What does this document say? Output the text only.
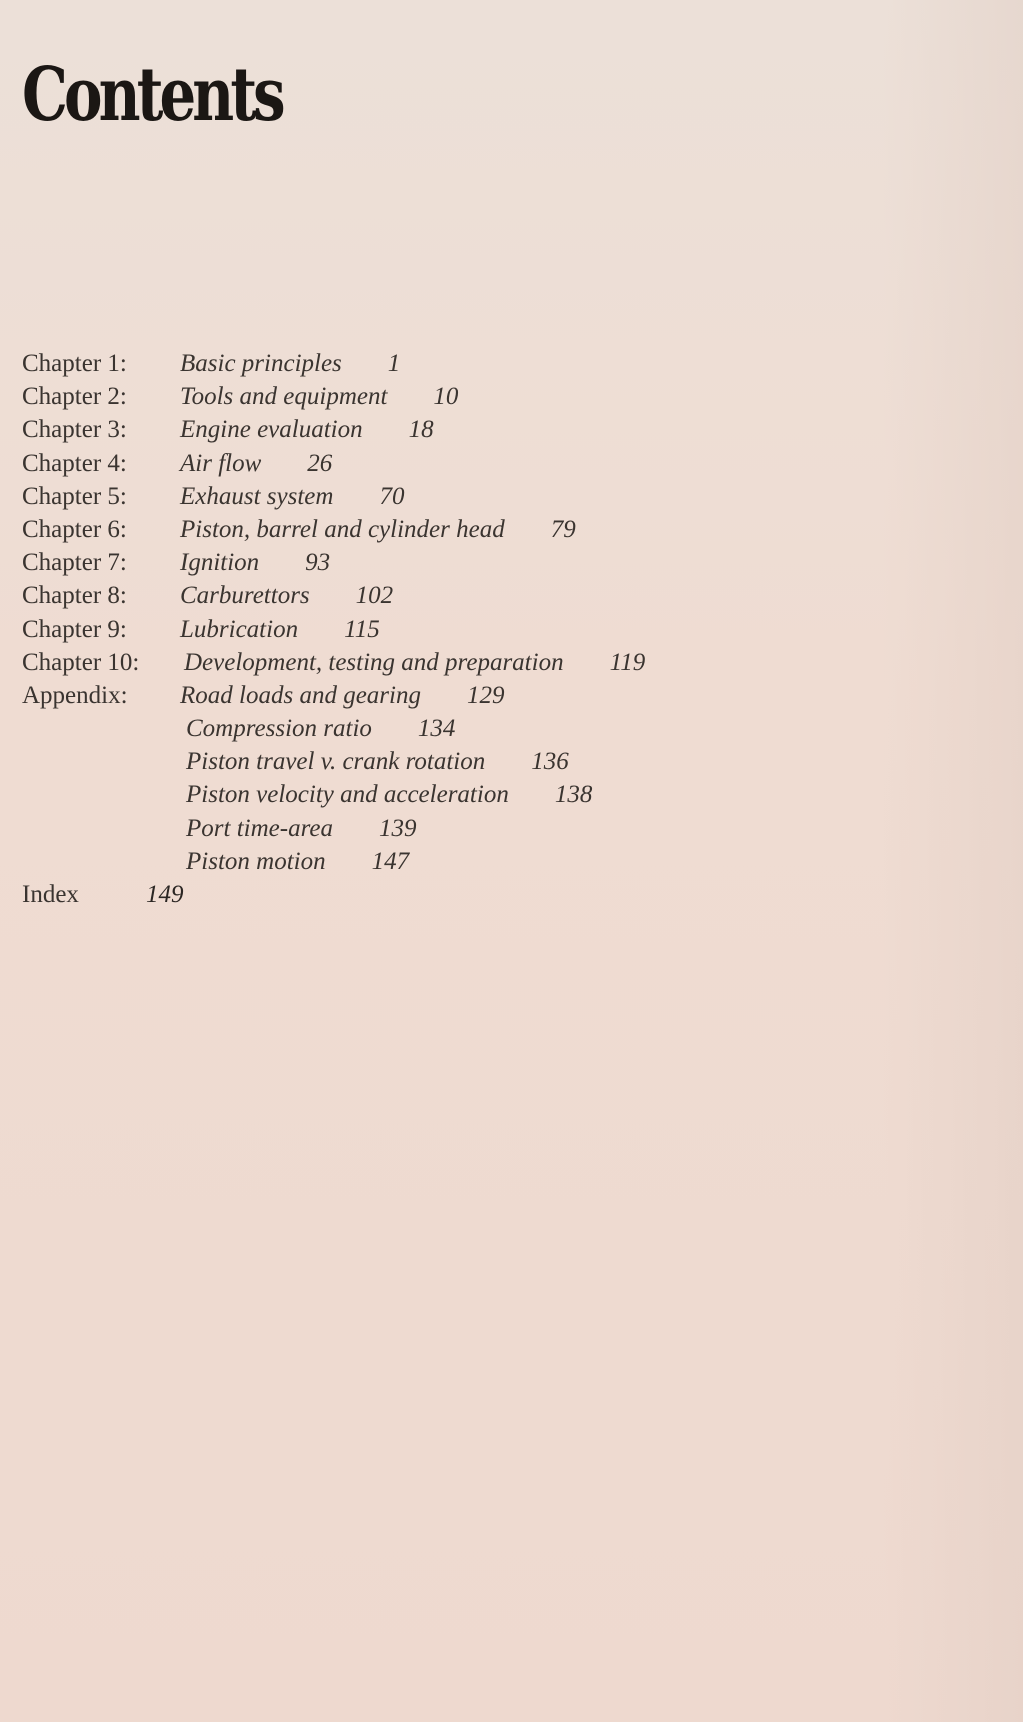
Contents
Chapter 1: Basic principles 1
Chapter 2: Tools and equipment 10
Chapter 3: Engine evaluation 18
Chapter 4: Air flow 26
Chapter 5: Exhaust system 70
Chapter 6: Piston, barrel and cylinder head 79
Chapter 7: Ignition 93
Chapter 8: Carburettors 102
Chapter 9: Lubrication 115
Chapter 10: Development, testing and preparation 119
Appendix: Road loads and gearing 129
Compression ratio 134
Piston travel v. crank rotation 136
Piston velocity and acceleration 138
Port time-area 139
Piston motion 147
Index	149
